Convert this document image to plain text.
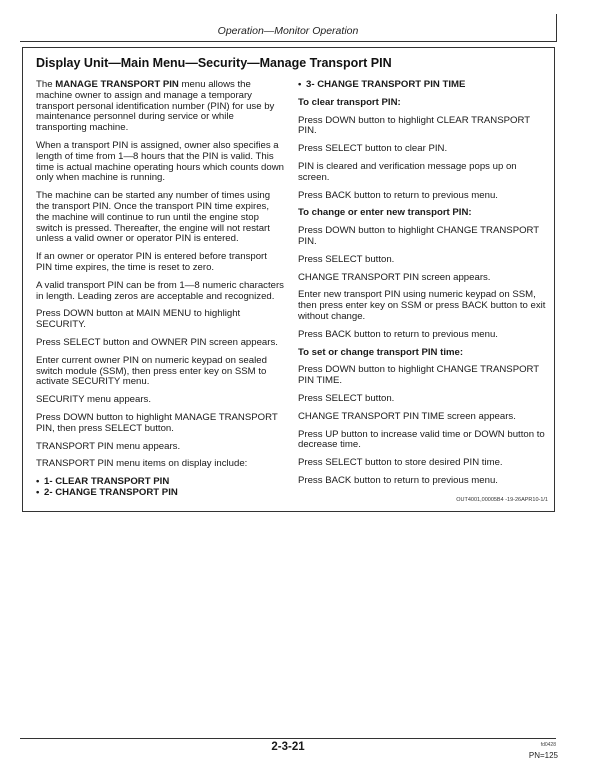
Operation—Monitor Operation
Display Unit—Main Menu—Security—Manage Transport PIN

The MANAGE TRANSPORT PIN menu allows the machine owner to assign and manage a temporary transport personal identification number (PIN) for use by maintenance personnel during service or while transporting machine.

When a transport PIN is assigned, owner also specifies a length of time from 1—8 hours that the PIN is valid. This time is actual machine operating hours which counts down only when machine is running.

The machine can be started any number of times using the transport PIN. Once the transport PIN time expires, the machine will continue to run until the engine stop switch is pressed. Thereafter, the engine will not restart unless a valid owner or operator PIN is entered.

If an owner or operator PIN is entered before transport PIN time expires, the time is reset to zero.

A valid transport PIN can be from 1—8 numeric characters in length. Leading zeros are acceptable and recognized.

Press DOWN button at MAIN MENU to highlight SECURITY.

Press SELECT button and OWNER PIN screen appears.

Enter current owner PIN on numeric keypad on sealed switch module (SSM), then press enter key on SSM to activate SECURITY menu.

SECURITY menu appears.

Press DOWN button to highlight MANAGE TRANSPORT PIN, then press SELECT button.

TRANSPORT PIN menu appears.

TRANSPORT PIN menu items on display include:

• 1- CLEAR TRANSPORT PIN
• 2- CHANGE TRANSPORT PIN

• 3- CHANGE TRANSPORT PIN TIME

To clear transport PIN:

Press DOWN button to highlight CLEAR TRANSPORT PIN.

Press SELECT button to clear PIN.

PIN is cleared and verification message pops up on screen.

Press BACK button to return to previous menu.

To change or enter new transport PIN:

Press DOWN button to highlight CHANGE TRANSPORT PIN.

Press SELECT button.

CHANGE TRANSPORT PIN screen appears.

Enter new transport PIN using numeric keypad on SSM, then press enter key on SSM or press BACK button to exit without change.

Press BACK button to return to previous menu.

To set or change transport PIN time:

Press DOWN button to highlight CHANGE TRANSPORT PIN TIME.

Press SELECT button.

CHANGE TRANSPORT PIN TIME screen appears.

Press UP button to increase valid time or DOWN button to decrease time.

Press SELECT button to store desired PIN time.

Press BACK button to return to previous menu.

OUT4001,00005B4 -19-26APR10-1/1
2-3-21	fd0428
PN=125
